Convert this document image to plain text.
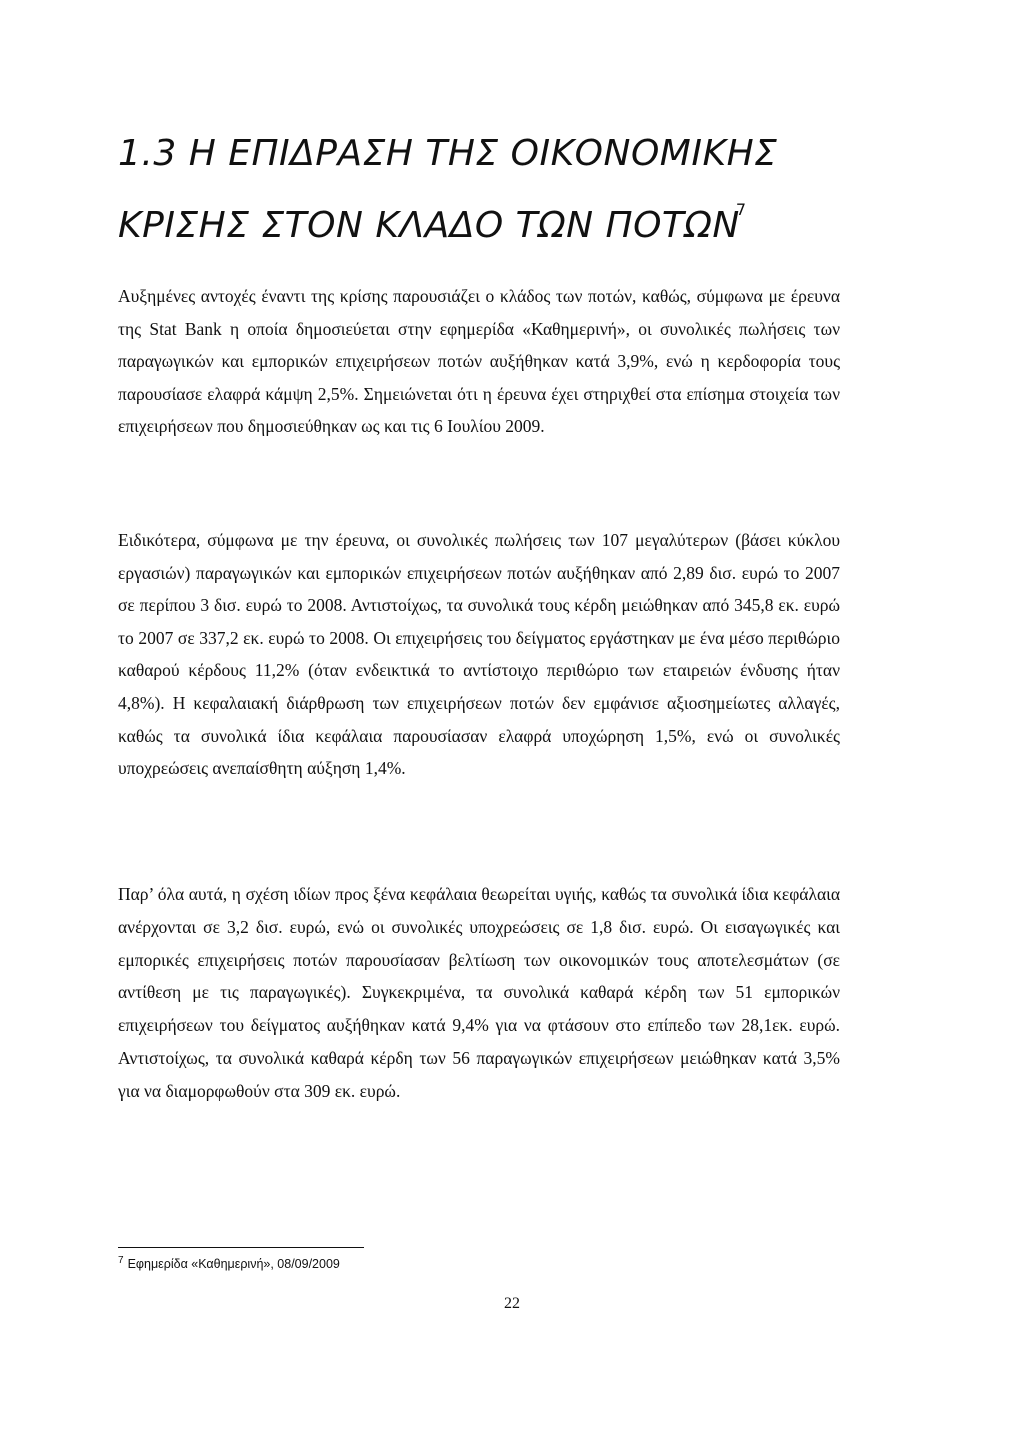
1.3 Η ΕΠΙΔΡΑΣΗ ΤΗΣ ΟΙΚΟΝΟΜΙΚΗΣ
ΚΡΙΣΗΣ ΣΤΟΝ ΚΛΑΔΟ ΤΩΝ ΠΟΤΩΝ$^7$

Αυξημένες αντοχές έναντι της κρίσης παρουσιάζει ο κλάδος των ποτών, καθώς, σύμφωνα με έρευνα της Stat Bank η οποία δημοσιεύεται στην εφημερίδα «Καθημερινή», οι συνολικές πωλήσεις των παραγωγικών και εμπορικών επιχειρήσεων ποτών αυξήθηκαν κατά 3,9%, ενώ η κερδοφορία τους παρουσίασε ελαφρά κάμψη 2,5%. Σημειώνεται ότι η έρευνα έχει στηριχθεί στα επίσημα στοιχεία των επιχειρήσεων που δημοσιεύθηκαν ως και τις 6 Ιουλίου 2009.

Ειδικότερα, σύμφωνα με την έρευνα, οι συνολικές πωλήσεις των 107 μεγαλύτερων (βάσει κύκλου εργασιών) παραγωγικών και εμπορικών επιχειρήσεων ποτών αυξήθηκαν από 2,89 δισ. ευρώ το 2007 σε περίπου 3 δισ. ευρώ το 2008. Αντιστοίχως, τα συνολικά τους κέρδη μειώθηκαν από 345,8 εκ. ευρώ το 2007 σε 337,2 εκ. ευρώ το 2008. Οι επιχειρήσεις του δείγματος εργάστηκαν με ένα μέσο περιθώριο καθαρού κέρδους 11,2% (όταν ενδεικτικά το αντίστοιχο περιθώριο των εταιρειών ένδυσης ήταν 4,8%). Η κεφαλαιακή διάρθρωση των επιχειρήσεων ποτών δεν εμφάνισε αξιοσημείωτες αλλαγές, καθώς τα συνολικά ίδια κεφάλαια παρουσίασαν ελαφρά υποχώρηση 1,5%, ενώ οι συνολικές υποχρεώσεις ανεπαίσθητη αύξηση 1,4%.

Παρ’ όλα αυτά, η σχέση ιδίων προς ξένα κεφάλαια θεωρείται υγιής, καθώς τα συνολικά ίδια κεφάλαια ανέρχονται σε 3,2 δισ. ευρώ, ενώ οι συνολικές υποχρεώσεις σε 1,8 δισ. ευρώ. Οι εισαγωγικές και εμπορικές επιχειρήσεις ποτών παρουσίασαν βελτίωση των οικονομικών τους αποτελεσμάτων (σε αντίθεση με τις παραγωγικές). Συγκεκριμένα, τα συνολικά καθαρά κέρδη των 51 εμπορικών επιχειρήσεων του δείγματος αυξήθηκαν κατά 9,4% για να φτάσουν στο επίπεδο των 28,1εκ. ευρώ. Αντιστοίχως, τα συνολικά καθαρά κέρδη των 56 παραγωγικών επιχειρήσεων μειώθηκαν κατά 3,5% για να διαμορφωθούν στα 309 εκ. ευρώ.

$^7$ Εφημερίδα «Καθημερινή», 08/09/2009

22
